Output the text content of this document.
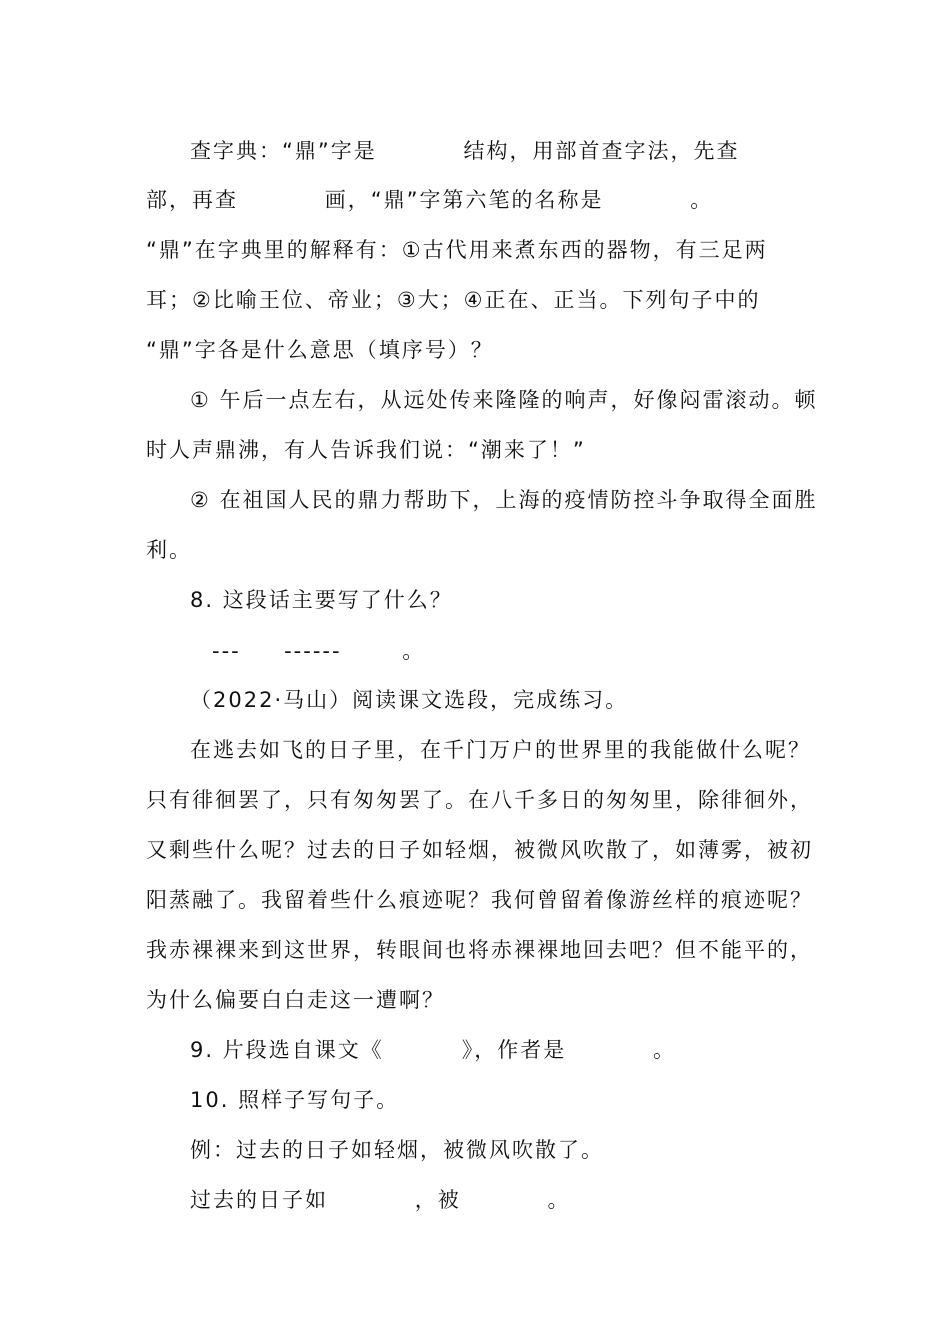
查字典：“鼎”字是          结构，用部首查字法，先查
部，再查          画，“鼎”字第六笔的名称是          。
“鼎”在字典里的解释有：①古代用来煮东西的器物，有三足两
耳；②比喻王位、帝业；③大；④正在、正当。下列句子中的
“鼎”字各是什么意思（填序号）？
① 午后一点左右，从远处传来隆隆的响声，好像闷雷滚动。顿
时人声鼎沸，有人告诉我们说：“潮来了！”
② 在祖国人民的鼎力帮助下，上海的疫情防控斗争取得全面胜
利。
8. 这段话主要写了什么？
---     ------       。
（2022·马山）阅读课文选段，完成练习。
在逃去如飞的日子里，在千门万户的世界里的我能做什么呢？
只有徘徊罢了，只有匆匆罢了。在八千多日的匆匆里，除徘徊外，
又剩些什么呢？过去的日子如轻烟，被微风吹散了，如薄雾，被初
阳蒸融了。我留着些什么痕迹呢？我何曾留着像游丝样的痕迹呢？
我赤裸裸来到这世界，转眼间也将赤裸裸地回去吧？但不能平的，
为什么偏要白白走这一遭啊？
9. 片段选自课文《         》，作者是          。
10. 照样子写句子。
例：过去的日子如轻烟，被微风吹散了。
过去的日子如          ，被          。
